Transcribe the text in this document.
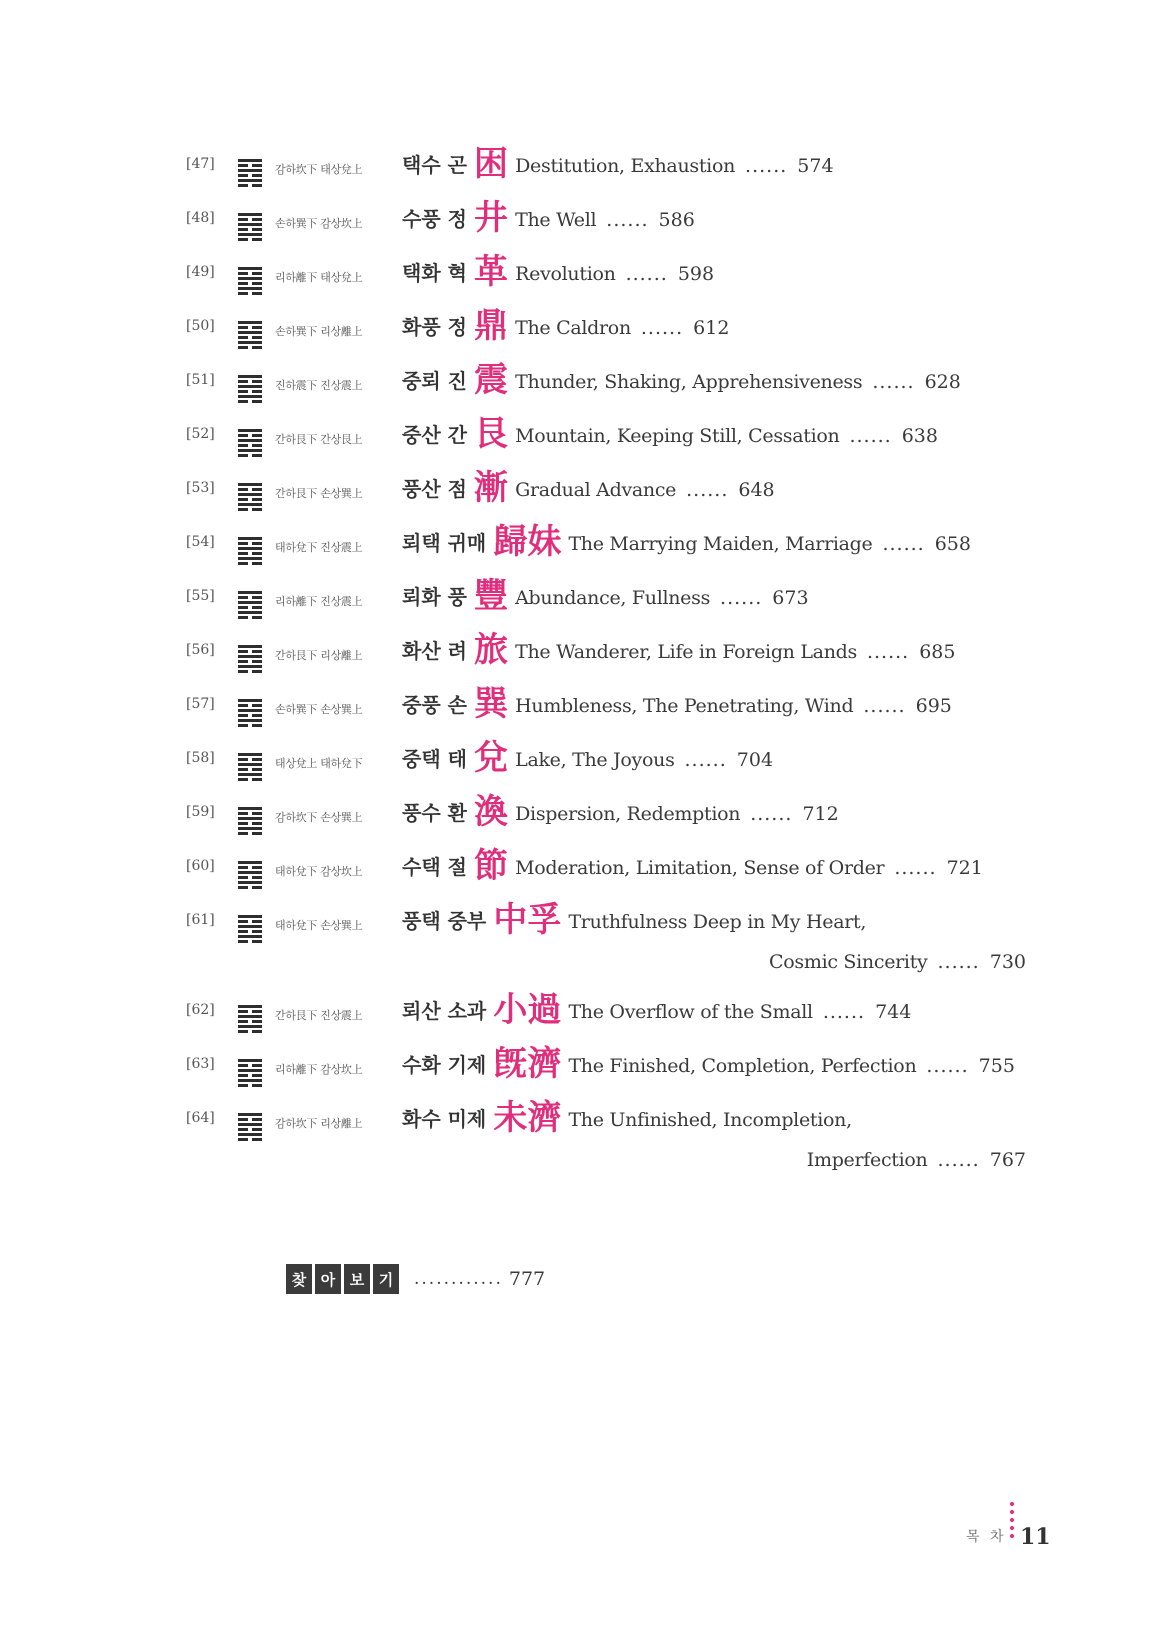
[47]	감하坎下 태상兌上 택수 곤 困 Destitution, Exhaustion ...... 574
[48]	손하巽下 감상坎上 수풍 정 井 The Well ...... 586
[49]	리하離下 태상兌上 택화 혁 革 Revolution ...... 598
[50]	손하巽下 리상離上 화풍 정 鼎 The Caldron ...... 612
[51]	진하震下 진상震上 중뢰 진 震 Thunder, Shaking, Apprehensiveness ...... 628
[52]	간하艮下 간상艮上 중산 간 艮 Mountain, Keeping Still, Cessation ...... 638
[53]	간하艮下 손상巽上 풍산 점 漸 Gradual Advance ...... 648
[54]	태하兌下 진상震上 뢰택 귀매 歸妹 The Marrying Maiden, Marriage ...... 658
[55]	리하離下 진상震上 뢰화 풍 豐 Abundance, Fullness ...... 673
[56]	간하艮下 리상離上 화산 려 旅 The Wanderer, Life in Foreign Lands ...... 685
[57]	손하巽下 손상巽上 중풍 손 巽 Humbleness, The Penetrating, Wind ...... 695
[58]	태상兌上 태하兌下 중택 태 兌 Lake, The Joyous ...... 704
[59]	감하坎下 손상巽上 풍수 환 渙 Dispersion, Redemption ...... 712
[60]	태하兌下 감상坎上 수택 절 節 Moderation, Limitation, Sense of Order ...... 721
[61]	태하兌下 손상巽上 풍택 중부 中孚 Truthfulness Deep in My Heart,
Cosmic Sincerity ...... 730
[62]	간하艮下 진상震上 뢰산 소과 小過 The Overflow of the Small ...... 744
[63]	리하離下 감상坎上 수화 기제 旣濟 The Finished, Completion, Perfection ...... 755
[64]	감하坎下 리상離上 화수 미제 未濟 The Unfinished, Incompletion,
Imperfection ...... 767
찾 아 보 기	............ 777
목 차 11
